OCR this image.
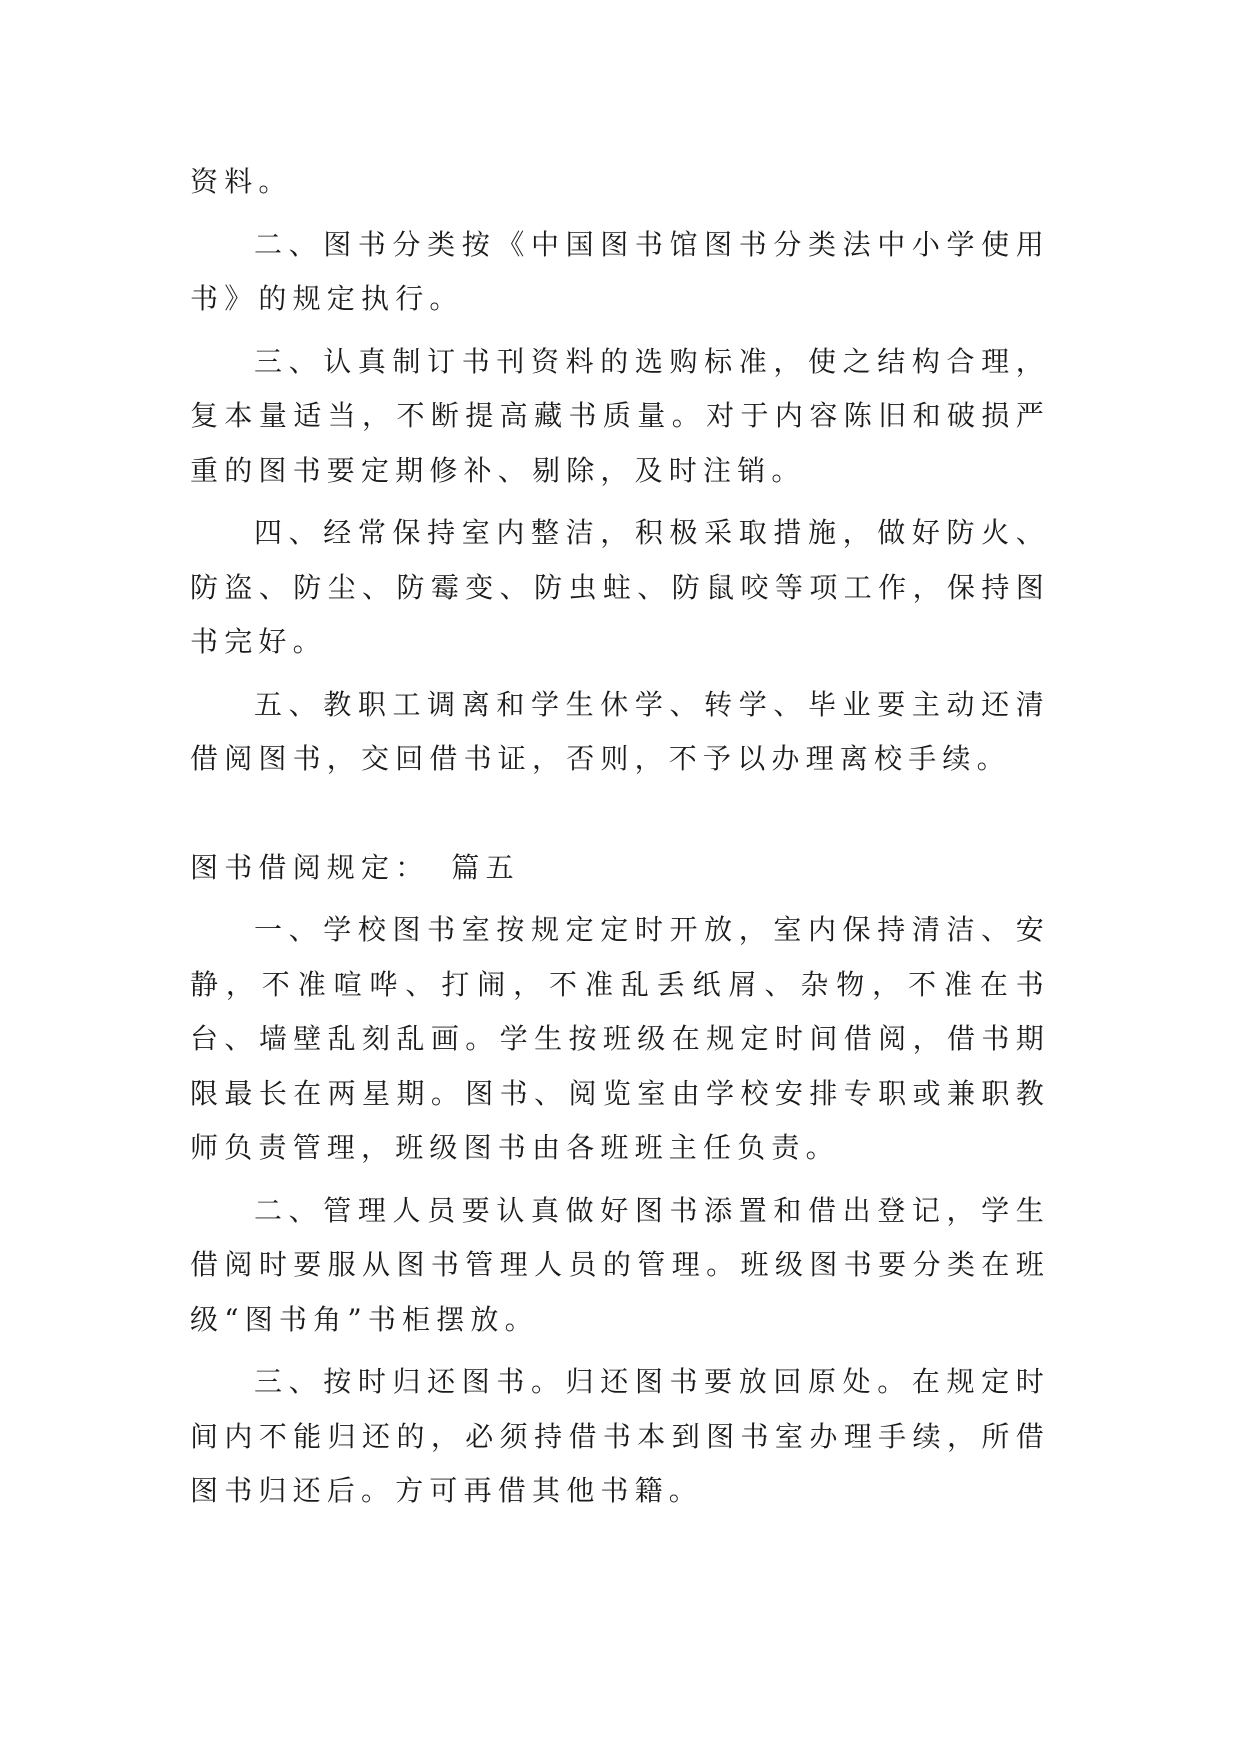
资料。

二、图书分类按《中国图书馆图书分类法中小学使用书》的规定执行。

三、认真制订书刊资料的选购标准，使之结构合理，复本量适当，不断提高藏书质量。对于内容陈旧和破损严重的图书要定期修补、剔除，及时注销。

四、经常保持室内整洁，积极采取措施，做好防火、防盗、防尘、防霉变、防虫蛀、防鼠咬等项工作，保持图书完好。

五、教职工调离和学生休学、转学、毕业要主动还清借阅图书，交回借书证，否则，不予以办理离校手续。

图书借阅规定： 篇五

一、学校图书室按规定定时开放，室内保持清洁、安静，不准喧哗、打闹，不准乱丢纸屑、杂物，不准在书台、墙壁乱刻乱画。学生按班级在规定时间借阅，借书期限最长在两星期。图书、阅览室由学校安排专职或兼职教师负责管理，班级图书由各班班主任负责。

二、管理人员要认真做好图书添置和借出登记，学生借阅时要服从图书管理人员的管理。班级图书要分类在班级“图书角”书柜摆放。

三、按时归还图书。归还图书要放回原处。在规定时间内不能归还的，必须持借书本到图书室办理手续，所借图书归还后。方可再借其他书籍。
